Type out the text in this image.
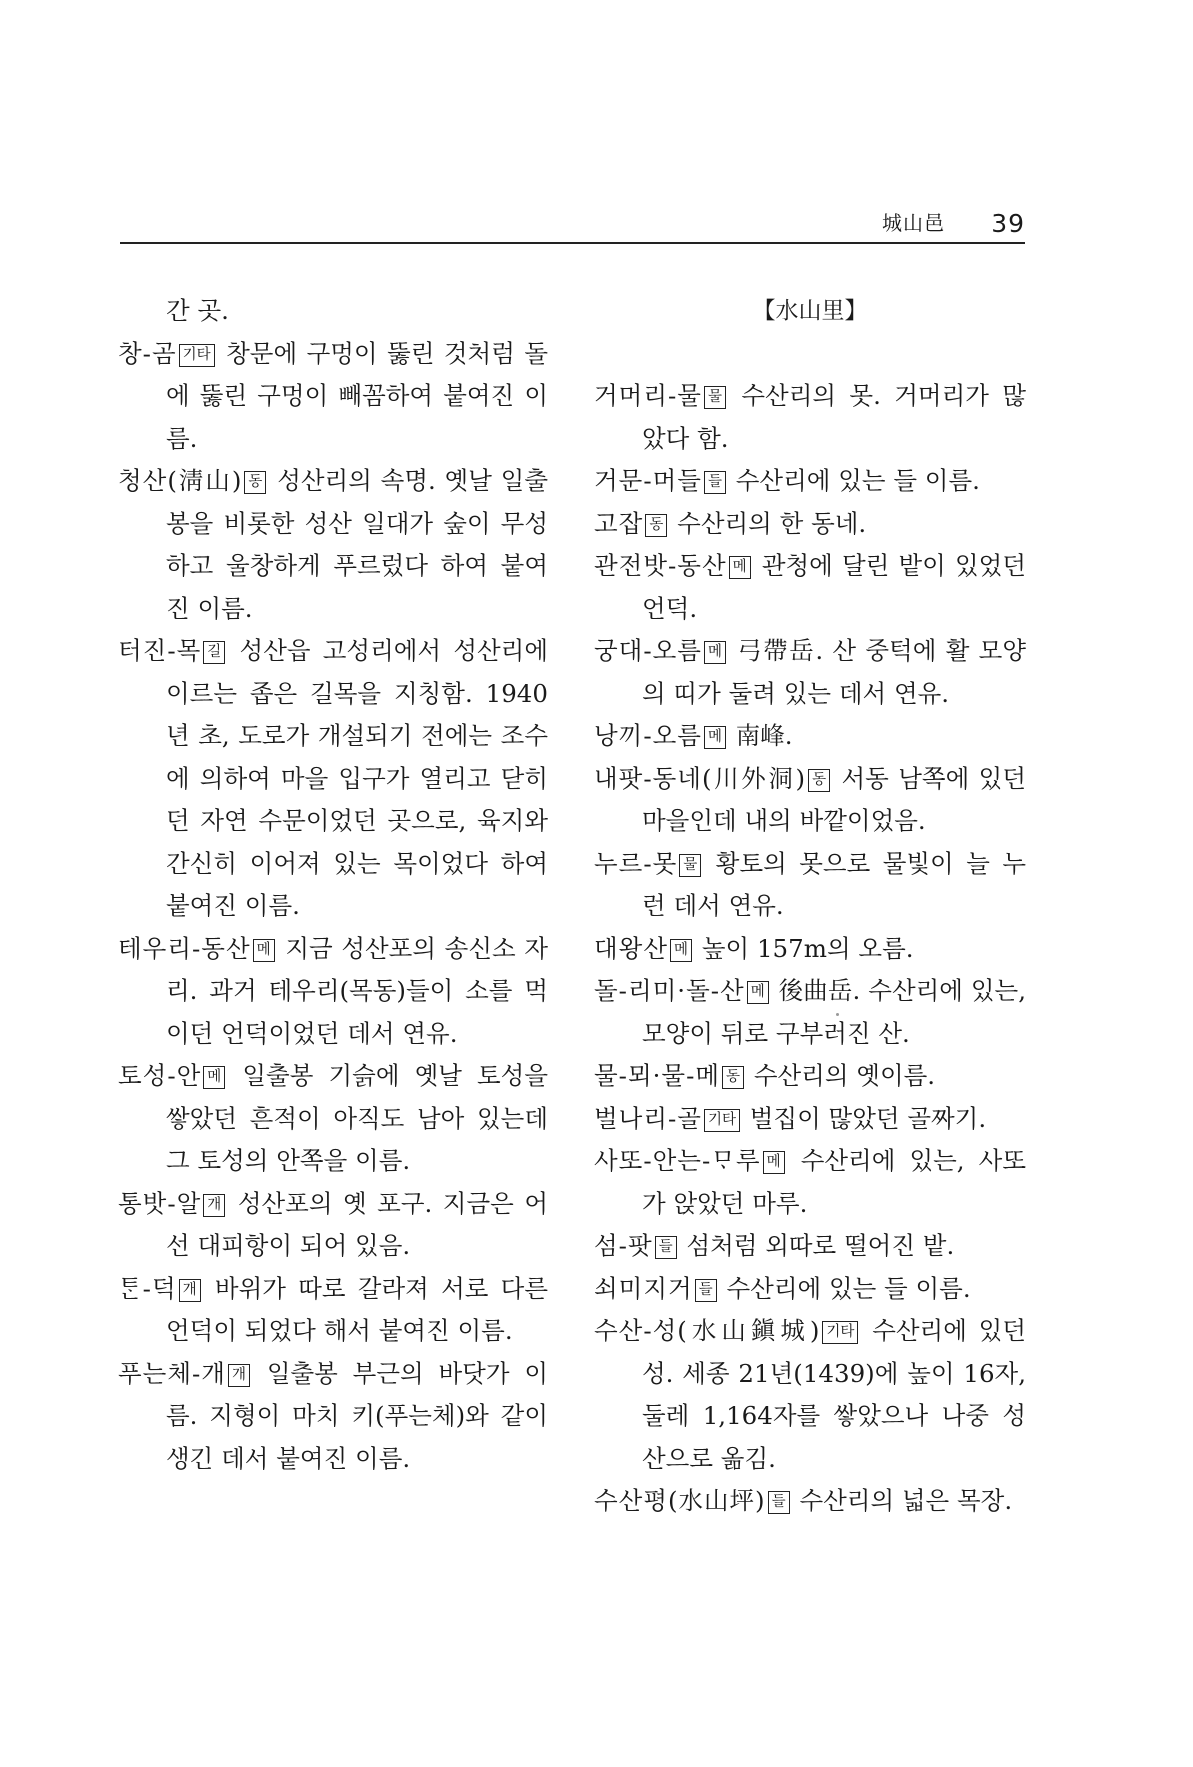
城山邑 39
간 곳.
창-곰 기타 창문에 구멍이 뚫린 것처럼 돌에 뚫린 구멍이 빼꼼하여 붙여진 이름.
청산(淸山) 동 성산리의 속명. 옛날 일출봉을 비롯한 성산 일대가 숲이 무성하고 울창하게 푸르렀다 하여 붙여진 이름.
터진-목 길 성산읍 고성리에서 성산리에 이르는 좁은 길목을 지칭함. 1940년 초, 도로가 개설되기 전에는 조수에 의하여 마을 입구가 열리고 닫히던 자연 수문이었던 곳으로, 육지와 간신히 이어져 있는 목이었다 하여 붙여진 이름.
테우리-동산 메 지금 성산포의 송신소 자리. 과거 테우리(목동)들이 소를 먹이던 언덕이었던 데서 연유.
토성-안 메 일출봉 기슭에 옛날 토성을 쌓았던 흔적이 아직도 남아 있는데 그 토성의 안쪽을 이름.
통밧-알 개 성산포의 옛 포구. 지금은 어선 대피항이 되어 있음.
ᄐᆞᆫ-덕 개 바위가 따로 갈라져 서로 다른 언덕이 되었다 해서 붙여진 이름.
푸는체-개 개 일출봉 부근의 바닷가 이름. 지형이 마치 키(푸는체)와 같이 생긴 데서 붙여진 이름.
【水山里】
거머리-물 물 수산리의 못. 거머리가 많았다 함.
거문-머들 들 수산리에 있는 들 이름.
고잡 동 수산리의 한 동네.
관전밧-동산 메 관청에 달린 밭이 있었던 언덕.
궁대-오름 메 弓帶岳. 산 중턱에 활 모양의 띠가 둘려 있는 데서 연유.
낭끼-오름 메 南峰.
내팟-동네(川外洞) 동 서동 남쪽에 있던 마을인데 내의 바깥이었음.
누르-못 물 황토의 못으로 물빛이 늘 누런 데서 연유.
대왕산 메 높이 157m의 오름.
돌-리미·돌-산 메 後曲岳. 수산리에 있는, 모양이 뒤로 구부러진 산.
물-뫼·물-메 동 수산리의 옛이름.
벌나리-골 기타 벌집이 많았던 골짜기.
사또-안는-ᄆᆞ루 메 수산리에 있는, 사또가 앉았던 마루.
섬-팟 들 섬처럼 외따로 떨어진 밭.
쇠미지거 들 수산리에 있는 들 이름.
수산-성(水山鎭城) 기타 수산리에 있던 성. 세종 21년(1439)에 높이 16자, 둘레 1,164자를 쌓았으나 나중 성산으로 옮김.
수산평(水山坪) 들 수산리의 넓은 목장.
